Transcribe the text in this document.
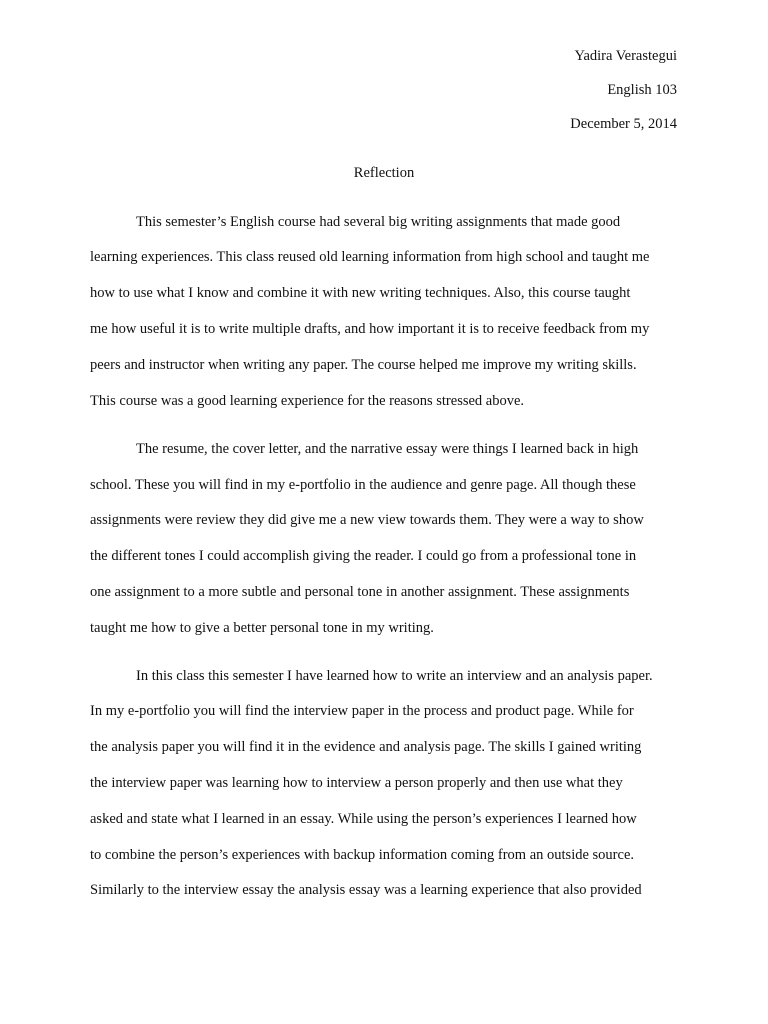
Yadira Verastegui
English 103
December 5, 2014
Reflection
This semester’s English course had several big writing assignments that made good
learning experiences. This class reused old learning information from high school and taught me
how to use what I know and combine it with new writing techniques. Also, this course taught
me how useful it is to write multiple drafts, and how important it is to receive feedback from my
peers and instructor when writing any paper. The course helped me improve my writing skills.
This course was a good learning experience for the reasons stressed above.
The resume, the cover letter, and the narrative essay were things I learned back in high
school. These you will find in my e-portfolio in the audience and genre page. All though these
assignments were review they did give me a new view towards them. They were a way to show
the different tones I could accomplish giving the reader. I could go from a professional tone in
one assignment to a more subtle and personal tone in another assignment. These assignments
taught me how to give a better personal tone in my writing.
In this class this semester I have learned how to write an interview and an analysis paper.
In my e-portfolio you will find the interview paper in the process and product page. While for
the analysis paper you will find it in the evidence and analysis page. The skills I gained writing
the interview paper was learning how to interview a person properly and then use what they
asked and state what I learned in an essay. While using the person’s experiences I learned how
to combine the person’s experiences with backup information coming from an outside source.
Similarly to the interview essay the analysis essay was a learning experience that also provided
